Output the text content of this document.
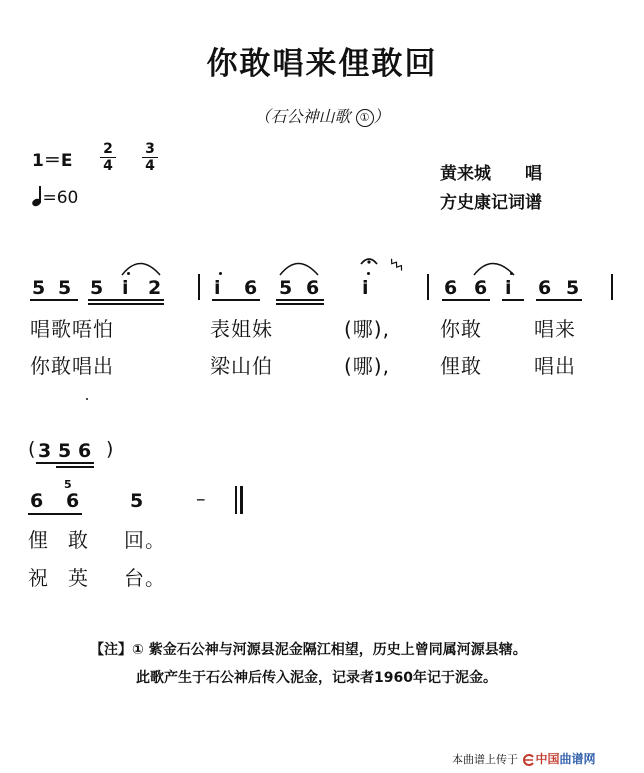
你敢唱来俚敢回
（石公神山歌 ① ）
$1=E \frac{2}{4} \frac{3}{4}$
=60
黄来城　　唱
方史康记词谱
5 5 5 i 2	i 6 5 6 i	6 6 i 6 5
唱歌唔怕	表姐妹	(哪),	你敢	唱来
你敢唱出	梁山伯	(哪),	俚敢	唱出
( 3 5 6 )
6 6	5	–
5
俚 敢 回。
祝 英 台。
【注】① 紫金石公神与河源县泥金隔江相望，历史上曾同属河源县辖。
此歌产生于石公神后传入泥金，记录者1960年记于泥金。
本曲谱上传于 中国曲谱网
